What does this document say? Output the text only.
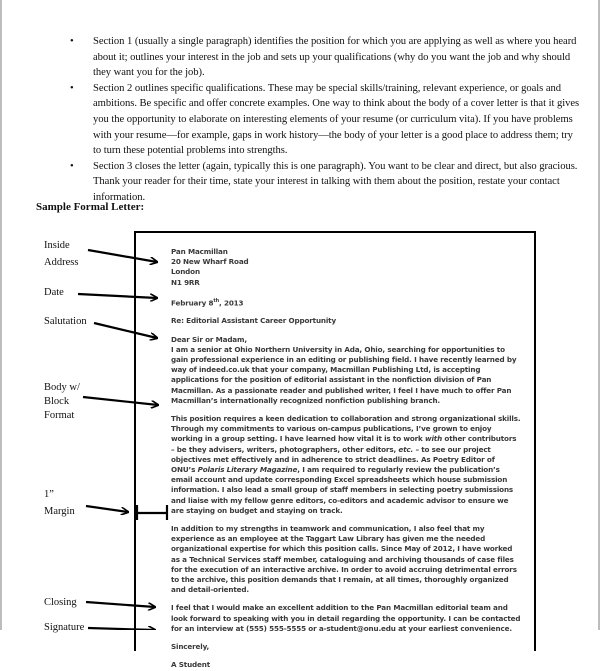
• Section 1 (usually a single paragraph) identifies the position for which you are applying as well as where you heard about it; outlines your interest in the job and sets up your qualifications (why do you want the job and why should they want you for the job).
• Section 2 outlines specific qualifications. These may be special skills/training, relevant experience, or goals and ambitions. Be specific and offer concrete examples. One way to think about the body of a cover letter is that it gives you the opportunity to elaborate on interesting elements of your resume (or curriculum vita). If you have problems with your resume—for example, gaps in work history—the body of your letter is a good place to address them; try to turn these potential problems into strengths.
• Section 3 closes the letter (again, typically this is one paragraph). You want to be clear and direct, but also gracious. Thank your reader for their time, state your interest in talking with them about the position, restate your contact information.
Sample Formal Letter:
Inside
Address
Date
Salutation
Body w/
Block
Format
1”
Margin
Closing
Signature

Pan Macmillan

20 New Wharf Road

London

N1 9RR

February 8th, 2013

Re: Editorial Assistant Career Opportunity

Dear Sir or Madam,

I am a senior at Ohio Northern University in Ada, Ohio, searching for opportunities to gain professional experience in an editing or publishing field. I have recently learned by way of indeed.co.uk that your company, Macmillan Publishing Ltd, is accepting applications for the position of editorial assistant in the nonfiction division of Pan Macmillan. As a passionate reader and published writer, I feel I have much to offer Pan Macmillan’s internationally recognized nonfiction publishing branch.

This position requires a keen dedication to collaboration and strong organizational skills. Through my commitments to various on-campus publications, I’ve grown to enjoy working in a group setting. I have learned how vital it is to work with other contributors – be they advisers, writers, photographers, other editors, etc. – to see our project objectives met effectively and in adherence to strict deadlines. As Poetry Editor of ONU’s Polaris Literary Magazine, I am required to regularly review the publication’s email account and update corresponding Excel spreadsheets which house submission information. I also lead a small group of staff members in selecting poetry submissions and liaise with my fellow genre editors, co-editors and academic advisor to ensure we are staying on budget and staying on track.

In addition to my strengths in teamwork and communication, I also feel that my experience as an employee at the Taggart Law Library has given me the needed organizational expertise for which this position calls. Since May of 2012, I have worked as a Technical Services staff member, cataloguing and archiving thousands of case files for the execution of an interactive archive. In order to avoid accruing detrimental errors to the archive, this position demands that I remain, at all times, thoroughly organized and detail-oriented.

I feel that I would make an excellent addition to the Pan Macmillan editorial team and look forward to speaking with you in detail regarding the opportunity. I can be contacted for an interview at (555) 555-5555 or a-student@onu.edu at your earliest convenience.

Sincerely,

A Student
